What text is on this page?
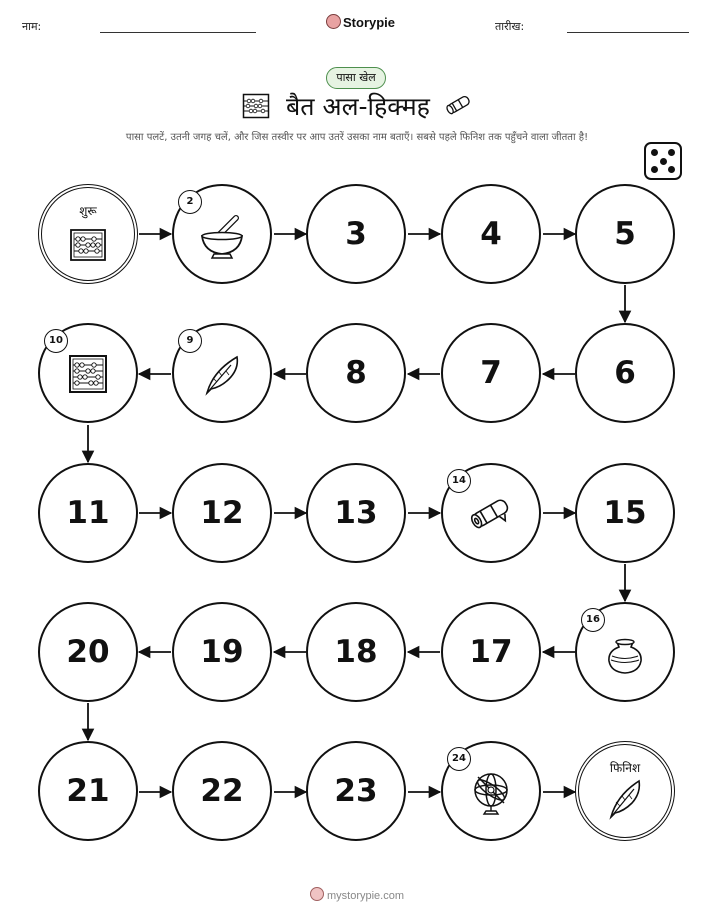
नाम:	Storypie	तारीख:
पासा खेल
बैत अल-हिक्मह
पासा पलटें, उतनी जगह चलें, और जिस तस्वीर पर आप उतरें उसका नाम बताएँ। सबसे पहले फिनिश तक पहुँचने वाला जीतता है!
शुरू
2
3	4	5
10	9
8	7	6
11	12	13
14
15
20	19	18	17
16
21	22	23
24
फिनिश
mystorypie.com
